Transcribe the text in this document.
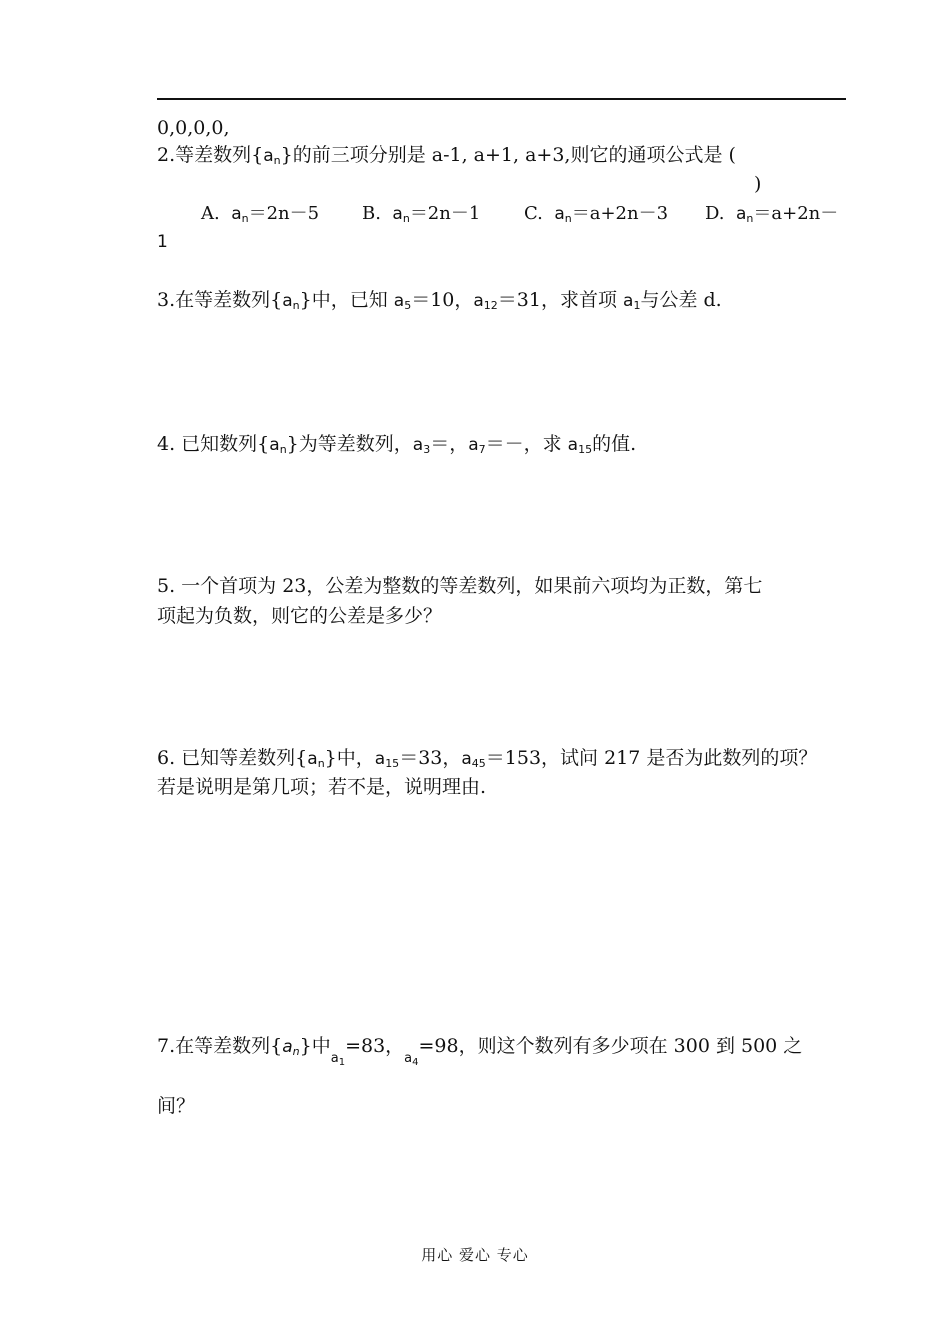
0,0,0,0,
2.等差数列$\{a_n\}$的前三项分别是 a-1, a+1, a+3,则它的通项公式是 (
)
A. $a_n=2n-5$ B. $a_n=2n-1$ C. $a_n=a+2n-3$ D. $a_n=a+2n-$
1
3.在等差数列$\{a_n\}$中，已知 $a_5=10$，$a_{12}=31$，求首项 $a_1$与公差 d.
4. 已知数列$\{a_n\}$为等差数列，$a_3=$，$a_7=-$，求 $a_{15}$的值.
5. 一个首项为 23，公差为整数的等差数列，如果前六项均为正数，第七
项起为负数，则它的公差是多少？
6. 已知等差数列$\{a_n\}$中，$a_{15}=33$，$a_{45}=153$，试问 217 是否为此数列的项？
若是说明是第几项；若不是，说明理由.
7.在等差数列$\{a_n\}$中$_{a_1}$=83，$_{a_4}$=98，则这个数列有多少项在 300 到 500 之
间？
用心 爱心 专心
